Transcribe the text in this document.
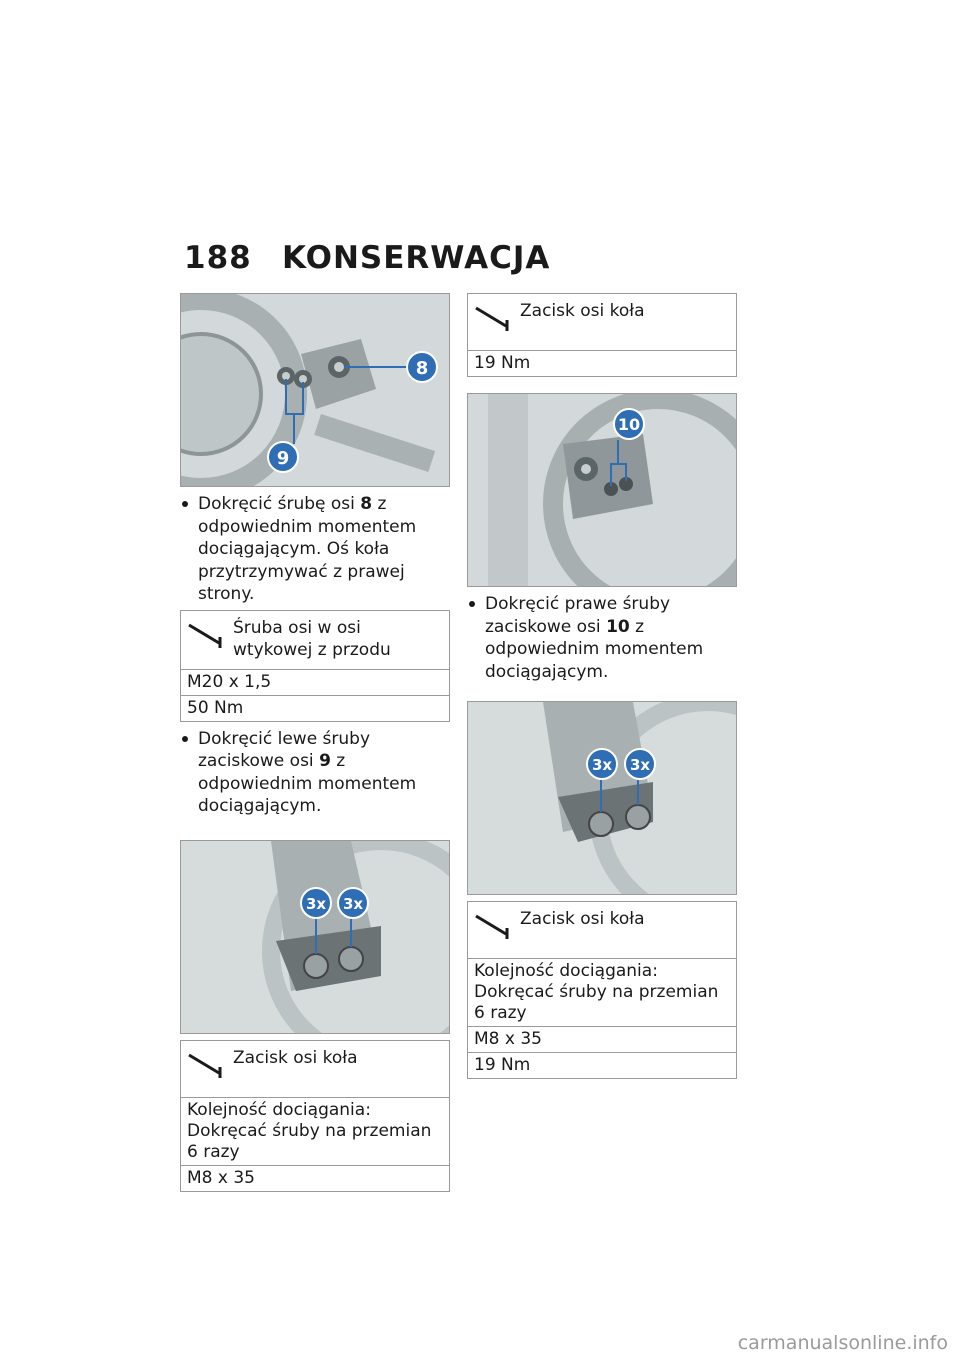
188 KONSERWACJA
8
9

Dokręcić śrubę osi 8 z odpowiednim momentem dociągającym. Oś koła przytrzymywać z prawej strony.

Śruba osi w osi wtykowej z przodu
M20 x 1,5
50 Nm

Dokręcić lewe śruby zaciskowe osi 9 z odpowiednim momentem dociągającym.

3x 3x
Zacisk osi koła
Kolejność dociągania: Dokręcać śruby na przemian 6 razy
M8 x 35
Zacisk osi koła
19 Nm
10

Dokręcić prawe śruby zaciskowe osi 10 z odpowiednim momentem dociągającym.

3x 3x
Zacisk osi koła
Kolejność dociągania: Dokręcać śruby na przemian 6 razy
M8 x 35
19 Nm
carmanualsonline.info
